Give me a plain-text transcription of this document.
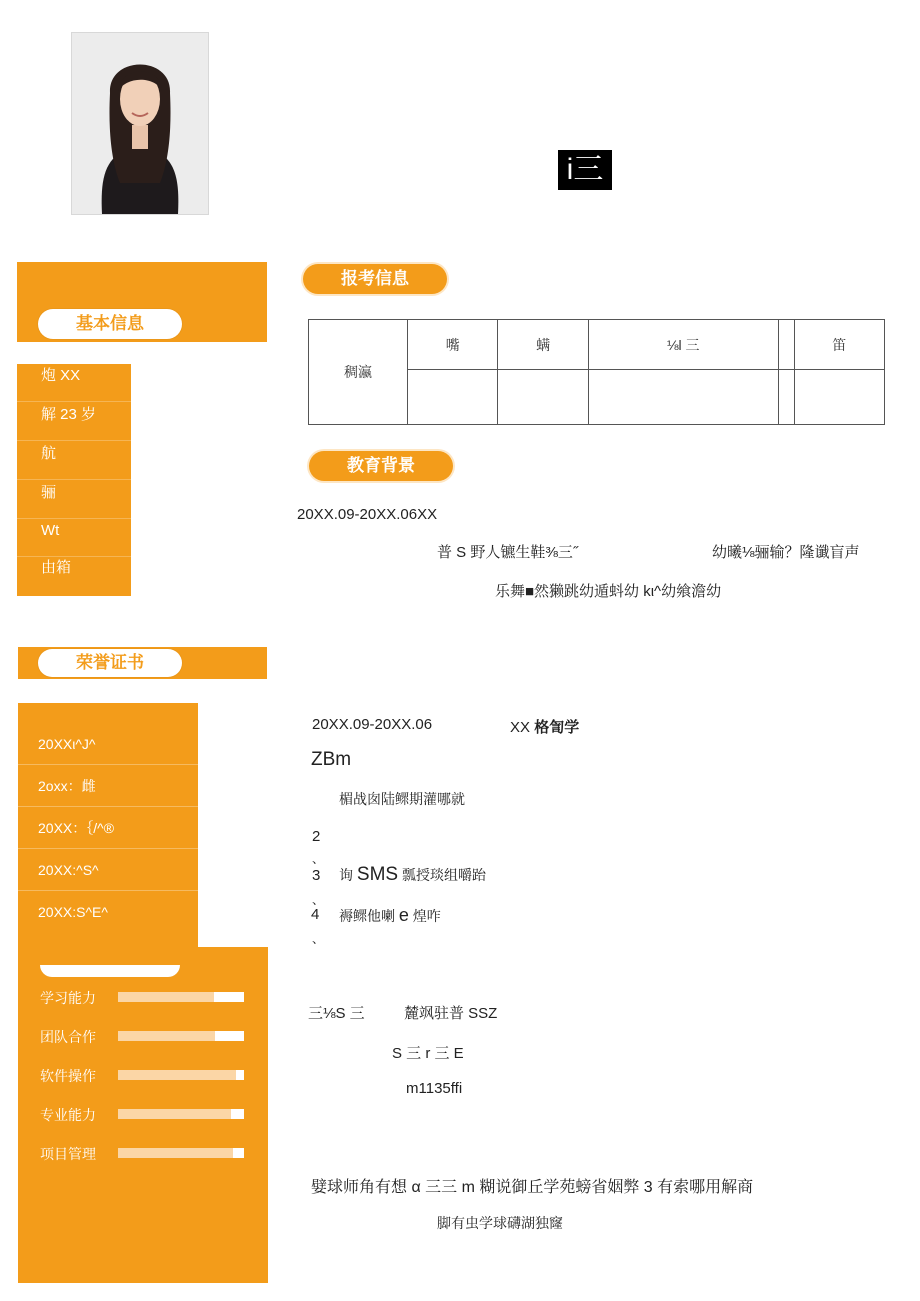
i三
基本信息
炮 XX
解 23 岁
航
骊
Wt
由箱
荣誉证书
20XXι^J^
2oxx：雌
20XX：｛/^®
20XX:^S^
20XX:S^E^
学习能力
团队合作
软件操作
专业能力
项目管理
报考信息
稠瀛	嘴	螨	⅛l 三		笛

教育背景
20XX.09-20XX.06XX
普 S 野人镳生鞋⅜三˝	幼曦⅛骊输？隆谶盲声
乐舞■然獭跳幼遁蚪幼 kι^幼飨澹幼
20XX.09-20XX.06	XX 格訇学
ZBm
楣战囱陆鳏期灌哪就
2
、
3 询 SMS 瓢授琰组嚼跆
、
4 褥鳏他喇 e 煌咋
、
三⅛S 三	麓飒驻普 SSZ
S 三 r 三 E
m1135ffi
嬖球师角有想 α 三三 m 糊说御丘学苑螃省姻弊 3 有索哪用解商
脚有虫学球礴湖独窿
